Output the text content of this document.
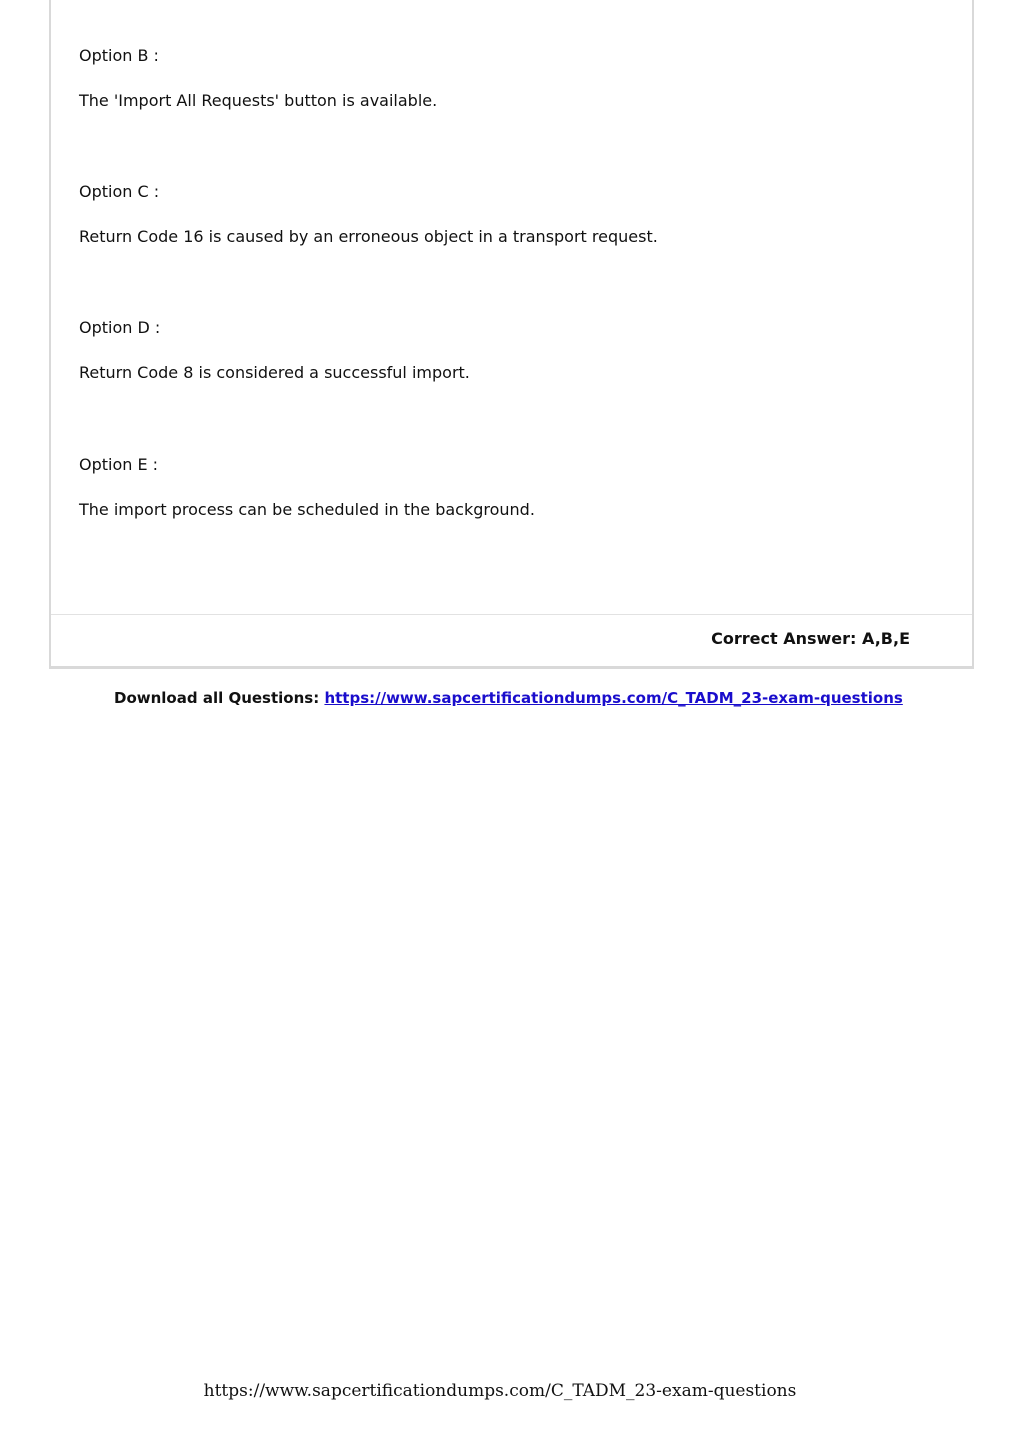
Option B :
The 'Import All Requests' button is available.
Option C :
Return Code 16 is caused by an erroneous object in a transport request.
Option D :
Return Code 8 is considered a successful import.
Option E :
The import process can be scheduled in the background.
Correct Answer: A,B,E
Download all Questions: https://www.sapcertificationdumps.com/C_TADM_23-exam-questions
https://www.sapcertificationdumps.com/C_TADM_23-exam-questions
